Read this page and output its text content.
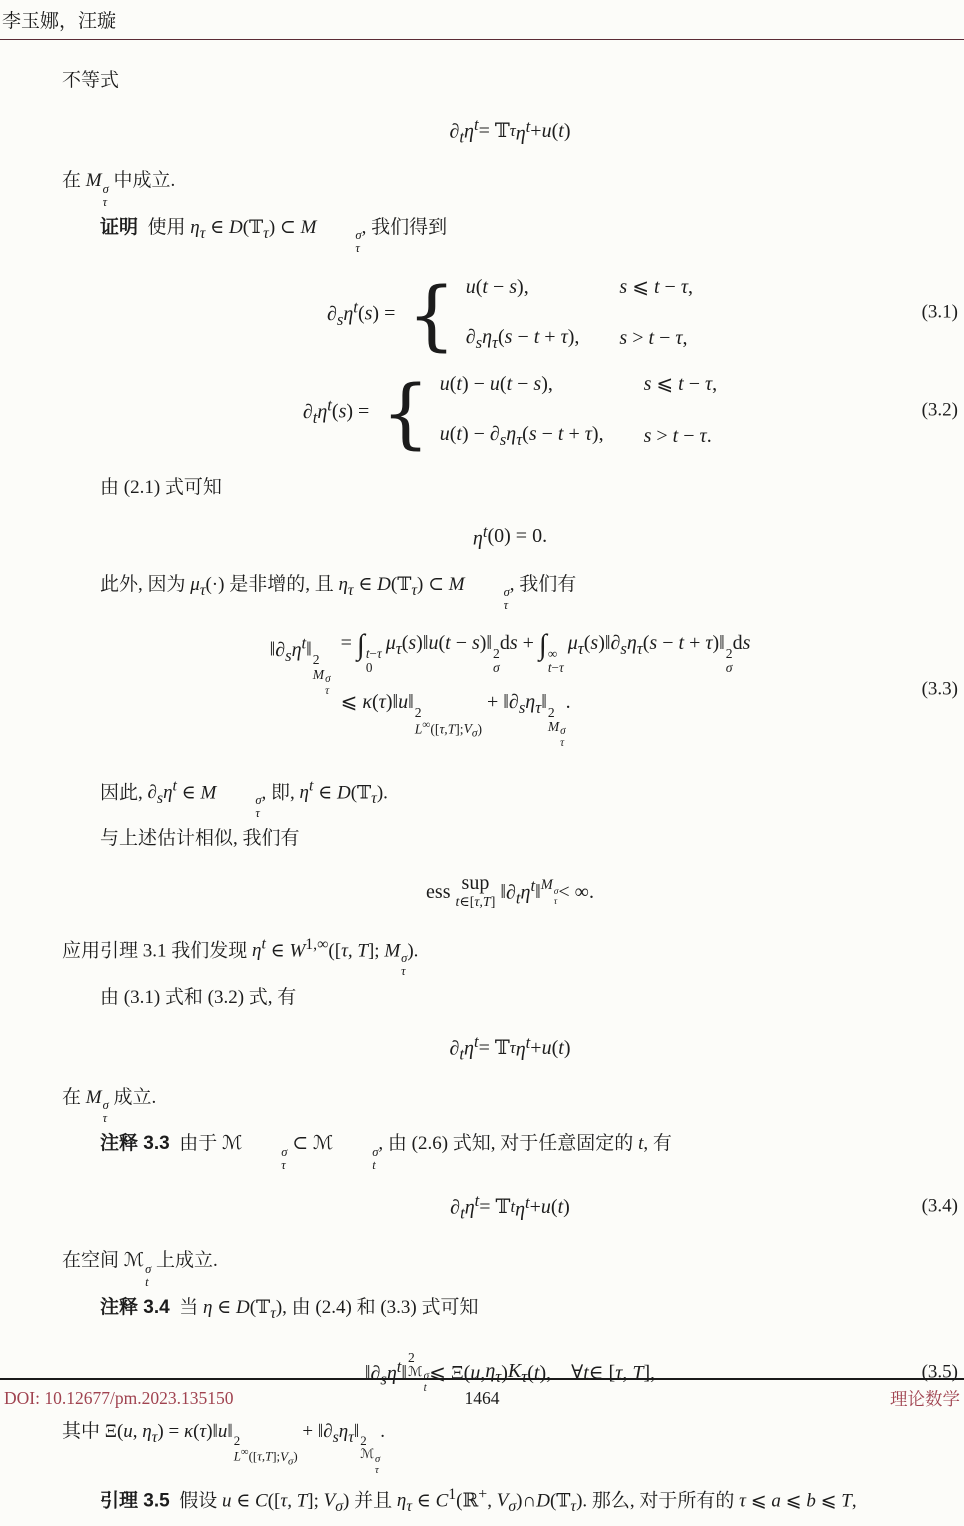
李玉娜，汪璇

不等式

$\partial_t\eta^t$ = 𝕋 τ $\eta^t + u$ ( t )

在 M σ
τ
中成立.

证明 使用 $\eta_\tau$ ∈ D(𝕋$_\tau$) ⊂ M	σ
τ
, 我们得到

$\partial_s\eta^t(s)$ = { u(t − s),	s ⩽ t − τ,
$\partial_s\eta_\tau(s - t + \tau)$, s > t − τ,
(3.1)
$\partial_t\eta^t(s)$ = { u(t) − u(t − s),	s ⩽ t − τ,
$u(t) - \partial_s\eta_\tau(s - t + \tau)$, s > t − τ.
(3.2)

由 (2.1) 式可知

$\eta^t$ (0) = 0.

此外, 因为 $\mu_\tau(\cdot)$ 是非增的, 且 $\eta_\tau$ ∈ D(𝕋$_\tau$) ⊂ M	σ
τ
, 我们有

$‖\partial_s\eta^t‖$ 2
M σ
τ
= ∫ t−τ
0
$\mu_\tau(s)‖u(t$ − s)‖ 2
σ
ds + ∫ ∞
t−τ
$\mu_\tau(s)‖\partial_s\eta_\tau(s - t$ + τ)‖ 2
σ
ds
⩽ κ(τ)‖u‖ 2
$L^\infty([\tau,T];V_\sigma)$
+ $‖\partial_s\eta_\tau‖$ 2
M σ
τ
.
(3.3)

因此, $\partial_s\eta^t$ ∈ M	σ
τ
, 即, $\eta^t$ ∈ D(𝕋$_\tau$).

与上述估计相似, 我们有

ess sup
t∈[τ,T] ‖ $\partial_t\eta^t$ ‖ M σ
τ < ∞.

应用引理 3.1 我们发现 $\eta^t$ ∈ $W^{1,\infty}([\tau$, T]; M σ
τ
).

由 (3.1) 式和 (3.2) 式, 有

$\partial_t\eta^t$ = 𝕋 τ $\eta^t + u$ ( t )

在 M σ
τ
成立.

注释 3.3 由于 ℳ	σ
τ
⊂ ℳ	σ
t
, 由 (2.6) 式知, 对于任意固定的 t, 有

$\partial_t\eta^t$ = 𝕋 t $\eta^t + u$ ( t )	(3.4)

在空间 ℳ σ
t
上成立.

注释 3.4 当 η ∈ D(𝕋$_\tau$), 由 (2.4) 和 (3.3) 式可知

‖ $\partial_s\eta^t$ ‖
2
ℳ σ
t
⩽ Ξ( u , $\eta_\tau$ ) $K_\tau$ ( t ), ∀ t ∈ [ τ, T ],	(3.5)

其中 Ξ(u, $\eta_\tau$) = κ(τ)‖u‖ 2
$L^\infty([\tau,T];V_\sigma)$
+ $‖\partial_s\eta_\tau‖$ 2
ℳ σ
τ
.

引理 3.5 假设 u ∈ C([τ, T]; $V_\sigma$) 并且 $\eta_\tau$ ∈ $C^1(ℝ^+$, $V_\sigma)\cap D(𝕋_\tau)$. 那么, 对于所有的 τ ⩽ a ⩽ b ⩽ T,

DOI: 10.12677/pm.2023.135150	1464	理论数学
